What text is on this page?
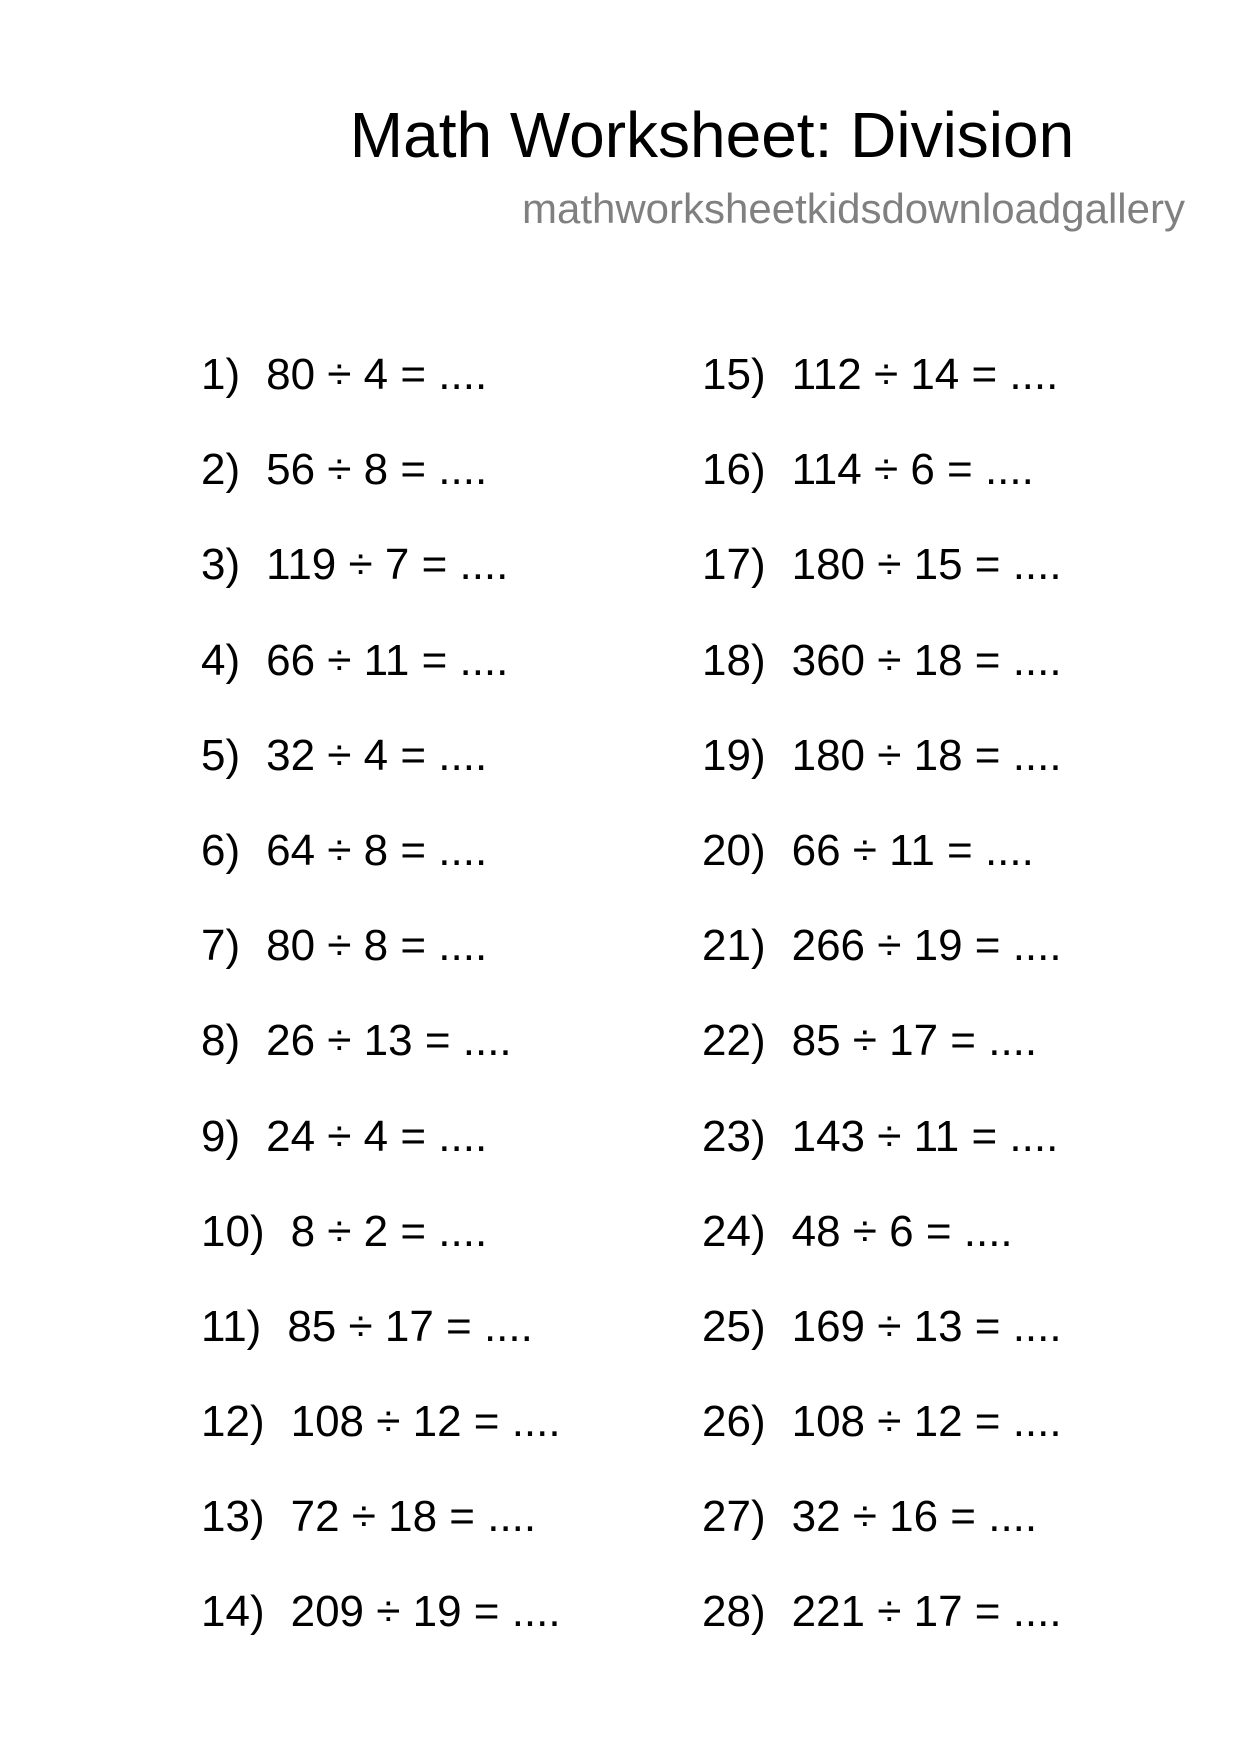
Math Worksheet: Division
mathworksheetkidsdownloadgallery
1) 80 ÷ 4 = ....
2) 56 ÷ 8 = ....
3) 119 ÷ 7 = ....
4) 66 ÷ 11 = ....
5) 32 ÷ 4 = ....
6) 64 ÷ 8 = ....
7) 80 ÷ 8 = ....
8) 26 ÷ 13 = ....
9) 24 ÷ 4 = ....
10) 8 ÷ 2 = ....
11) 85 ÷ 17 = ....
12) 108 ÷ 12 = ....
13) 72 ÷ 18 = ....
14) 209 ÷ 19 = ....
15) 112 ÷ 14 = ....
16) 114 ÷ 6 = ....
17) 180 ÷ 15 = ....
18) 360 ÷ 18 = ....
19) 180 ÷ 18 = ....
20) 66 ÷ 11 = ....
21) 266 ÷ 19 = ....
22) 85 ÷ 17 = ....
23) 143 ÷ 11 = ....
24) 48 ÷ 6 = ....
25) 169 ÷ 13 = ....
26) 108 ÷ 12 = ....
27) 32 ÷ 16 = ....
28) 221 ÷ 17 = ....
